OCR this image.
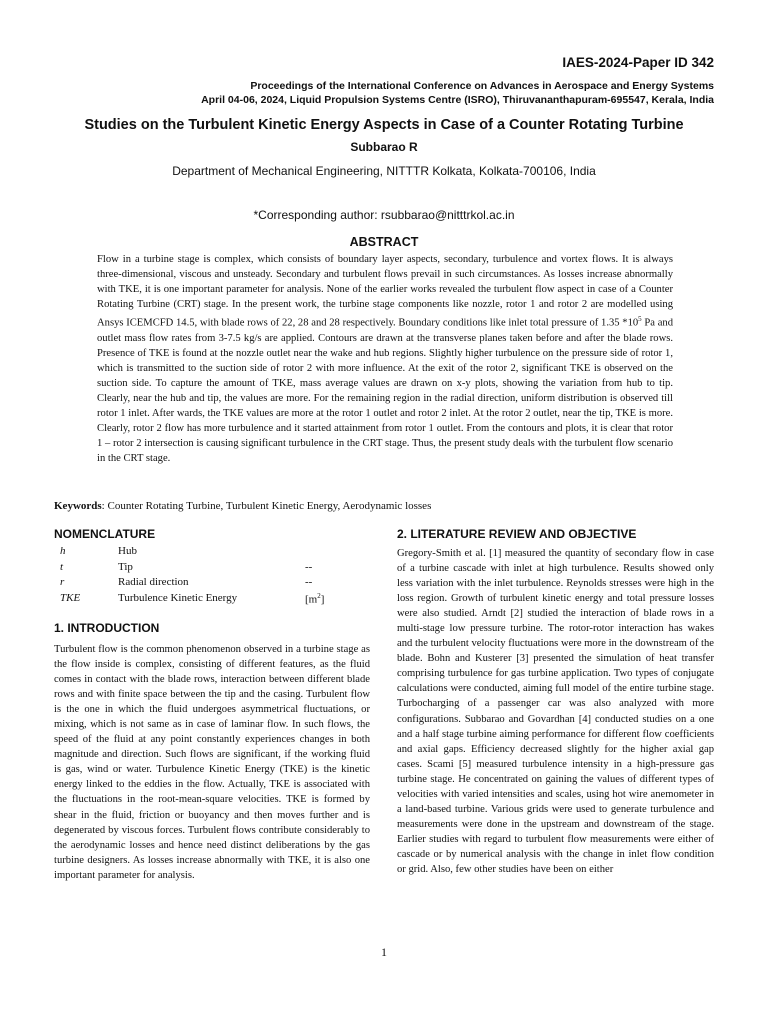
IAES-2024-Paper ID 342
Proceedings of the International Conference on Advances in Aerospace and Energy Systems
April 04-06, 2024, Liquid Propulsion Systems Centre (ISRO), Thiruvananthapuram-695547, Kerala, India
Studies on the Turbulent Kinetic Energy Aspects in Case of a Counter Rotating Turbine
Subbarao R
Department of Mechanical Engineering, NITTTR Kolkata, Kolkata-700106, India
*Corresponding author: rsubbarao@nitttrkol.ac.in
ABSTRACT
Flow in a turbine stage is complex, which consists of boundary layer aspects, secondary, turbulence and vortex flows. It is always three-dimensional, viscous and unsteady. Secondary and turbulent flows prevail in such circumstances. As losses increase abnormally with TKE, it is one important parameter for analysis. None of the earlier works revealed the turbulent flow aspect in case of a Counter Rotating Turbine (CRT) stage. In the present work, the turbine stage components like nozzle, rotor 1 and rotor 2 are modelled using Ansys ICEMCFD 14.5, with blade rows of 22, 28 and 28 respectively. Boundary conditions like inlet total pressure of 1.35 $*10^5$ Pa and outlet mass flow rates from 3-7.5 kg/s are applied. Contours are drawn at the transverse planes taken before and after the blade rows. Presence of TKE is found at the nozzle outlet near the wake and hub regions. Slightly higher turbulence on the pressure side of rotor 1, which is transmitted to the suction side of rotor 2 with more influence. At the exit of the rotor 2, significant TKE is observed on the suction side. To capture the amount of TKE, mass average values are drawn on x-y plots, showing the variation from hub to tip. Clearly, near the hub and tip, the values are more. For the remaining region in the radial direction, uniform distribution is observed till rotor 1 inlet. After wards, the TKE values are more at the rotor 1 outlet and rotor 2 inlet. At the rotor 2 outlet, near the tip, TKE is more. Clearly, rotor 2 flow has more turbulence and it started attainment from rotor 1 outlet. From the contours and plots, it is clear that rotor 1 – rotor 2 intersection is causing significant turbulence in the CRT stage. Thus, the present study deals with the turbulent flow scenario in the CRT stage.
Keywords: Counter Rotating Turbine, Turbulent Kinetic Energy, Aerodynamic losses
NOMENCLATURE
h	Hub	
t	Tip	--
r	Radial direction	--
TKE	Turbulence Kinetic Energy	$[m^2]$
1. INTRODUCTION
Turbulent flow is the common phenomenon observed in a turbine stage as the flow inside is complex, consisting of different features, as the fluid comes in contact with the blade rows, interaction between different blade rows and with finite space between the tip and the casing. Turbulent flow is the one in which the fluid undergoes asymmetrical fluctuations, or mixing, which is not same as in case of laminar flow. In such flows, the speed of the fluid at any point constantly experiences changes in both magnitude and direction. Such flows are significant, if the working fluid is gas, wind or water. Turbulence Kinetic Energy (TKE) is the kinetic energy linked to the eddies in the flow. Actually, TKE is associated with the fluctuations in the root-mean-square velocities. TKE is formed by shear in the fluid, friction or buoyancy and then moves further and is degenerated by viscous forces. Turbulent flows contribute considerably to the aerodynamic losses and hence need distinct deliberations by the gas turbine designers. As losses increase abnormally with TKE, it is also one important parameter for analysis.
2. LITERATURE REVIEW AND OBJECTIVE
Gregory-Smith et al. [1] measured the quantity of secondary flow in case of a turbine cascade with inlet at high turbulence. Results showed only less variation with the inlet turbulence. Reynolds stresses were high in the loss region. Growth of turbulent kinetic energy and total pressure losses were also studied. Arndt [2] studied the interaction of blade rows in a multi-stage low pressure turbine. The rotor-rotor interaction has wakes and the turbulent velocity fluctuations were more in the downstream of the blade. Bohn and Kusterer [3] presented the simulation of heat transfer comprising turbulence for gas turbine application. Two types of conjugate calculations were conducted, aiming full model of the entire turbine stage. Turbocharging of a passenger car was also analyzed with more configurations. Subbarao and Govardhan [4] conducted studies on a one and a half stage turbine aiming performance for different flow coefficients and axial gaps. Efficiency decreased slightly for the higher axial gap cases. Scami [5] measured turbulence intensity in a high-pressure gas turbine stage. He concentrated on gaining the values of different types of velocities with varied intensities and scales, using hot wire anemometer in a land-based turbine. Various grids were used to generate turbulence and measurements were done in the upstream and downstream of the stage. Earlier studies with regard to turbulent flow measurements were either of cascade or by numerical analysis with the change in inlet flow condition or grid. Also, few other studies have been on either
1
